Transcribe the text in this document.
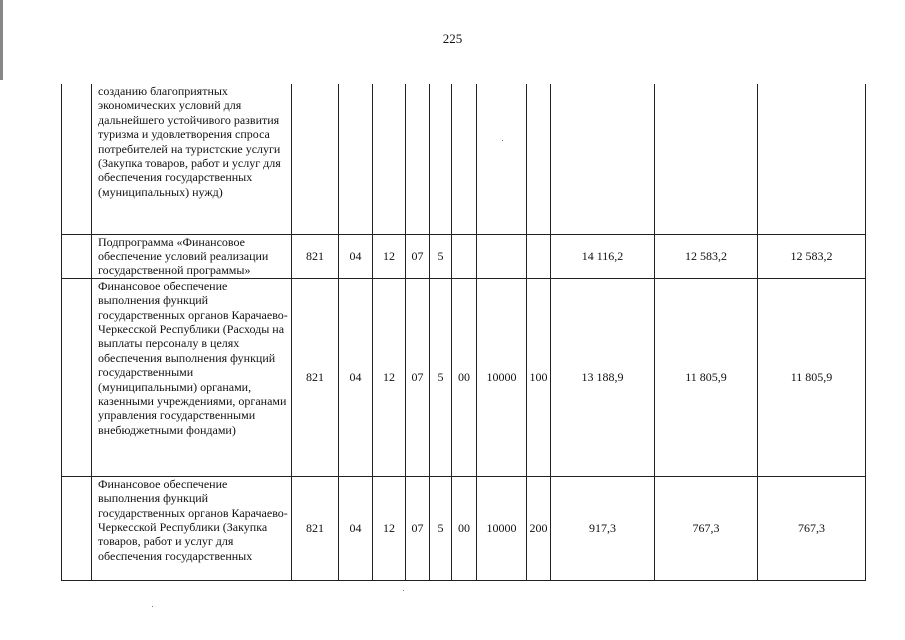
225
	созданию благоприятных экономических условий для дальнейшего устойчивого развития туризма и удовлетворения спроса потребителей на туристские услуги (Закупка товаров, работ и услуг для обеспечения государственных (муниципальных) нужд)											
	Подпрограмма «Финансовое обеспечение условий реализации государственной программы»	821	04	12	07	5				14 116,2	12 583,2	12 583,2
	Финансовое обеспечение выполнения функций государственных органов Карачаево-Черкесской Республики (Расходы на выплаты персоналу в целях обеспечения выполнения функций государственными (муниципальными) органами, казенными учреждениями, органами управления государственными внебюджетными фондами)	821	04	12	07	5	00	10000	100	13 188,9	11 805,9	11 805,9
	Финансовое обеспечение выполнения функций государственных органов Карачаево-Черкесской Республики (Закупка товаров, работ и услуг для обеспечения государственных	821	04	12	07	5	00	10000	200	917,3	767,3	767,3
